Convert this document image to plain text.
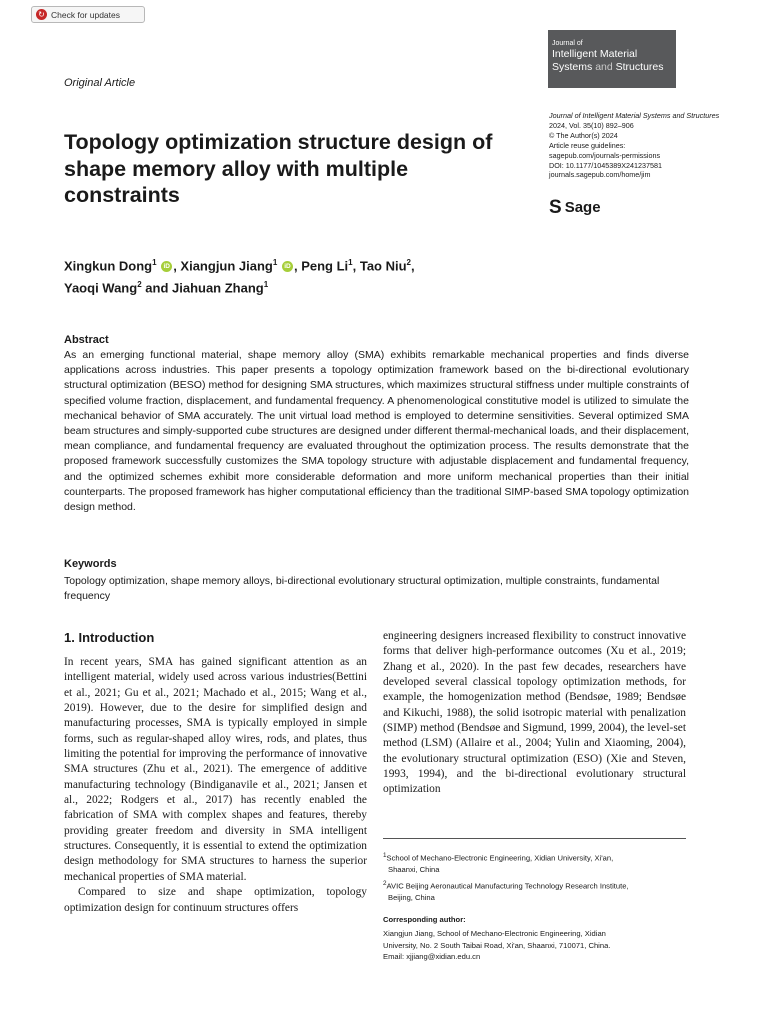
↻ Check for updates
Original Article
Journal of
Intelligent Material
Systems and Structures
Topology optimization structure design of shape memory alloy with multiple constraints
Journal of Intelligent Material Systems and Structures
2024, Vol. 35(10) 892–906
© The Author(s) 2024
Article reuse guidelines:
sagepub.com/journals-permissions
DOI: 10.1177/1045389X241237581
journals.sagepub.com/home/jim
S Sage
Xingkun Dong$^1$ iD , Xiangjun Jiang$^1$ iD , Peng Li$^1$, Tao Niu$^2$,
Yaoqi Wang$^2$ and Jiahuan Zhang$^1$
Abstract

As an emerging functional material, shape memory alloy (SMA) exhibits remarkable mechanical properties and finds diverse applications across industries. This paper presents a topology optimization framework based on the bi-directional evolutionary structural optimization (BESO) method for designing SMA structures, which maximizes structural stiffness under multiple constraints of specified volume fraction, displacement, and fundamental frequency. A phenomenological constitutive model is utilized to simulate the mechanical behavior of SMA accurately. The unit virtual load method is employed to determine sensitivities. Several optimized SMA beam structures and simply-supported cube structures are designed under different thermal-mechanical loads, and their displacement, mean compliance, and fundamental frequency are evaluated throughout the optimization process. The results demonstrate that the proposed framework successfully customizes the SMA topology structure with adjustable displacement and fundamental frequency, and the optimized schemes exhibit more considerable deformation and more uniform mechanical properties than their initial counterparts. The proposed framework has higher computational efficiency than the traditional SIMP-based SMA topology optimization design method.

Keywords

Topology optimization, shape memory alloys, bi-directional evolutionary structural optimization, multiple constraints, fundamental frequency

1. Introduction

In recent years, SMA has gained significant attention as an intelligent material, widely used across various industries(Bettini et al., 2021; Gu et al., 2021; Machado et al., 2015; Wang et al., 2019). However, due to the desire for simplified design and manufacturing processes, SMA is typically employed in simple forms, such as regular-shaped alloy wires, rods, and plates, thus limiting the potential for improving the performance of innovative SMA structures (Zhu et al., 2021). The emergence of additive manufacturing technology (Bindiganavile et al., 2021; Jansen et al., 2022; Rodgers et al., 2017) has recently enabled the fabrication of SMA with complex shapes and features, thereby providing greater freedom and diversity in SMA intelligent structures. Consequently, it is essential to extend the optimization design methodology for SMA structures to harness the superior mechanical properties of SMA material.

Compared to size and shape optimization, topology optimization design for continuum structures offers

engineering designers increased flexibility to construct innovative forms that deliver high-performance outcomes (Xu et al., 2019; Zhang et al., 2020). In the past few decades, researchers have developed several classical topology optimization methods, for example, the homogenization method (Bendsøe, 1989; Bendsøe and Kikuchi, 1988), the solid isotropic material with penalization (SIMP) method (Bendsøe and Sigmund, 1999, 2004), the level-set method (LSM) (Allaire et al., 2004; Yulin and Xiaoming, 2004), the evolutionary structural optimization (ESO) (Xie and Steven, 1993, 1994), and the bi-directional evolutionary structural optimization

$^1$School of Mechano-Electronic Engineering, Xidian University, Xi'an,
Shaanxi, China
$^2$AVIC Beijing Aeronautical Manufacturing Technology Research Institute,
Beijing, China
Corresponding author:
Xiangjun Jiang, School of Mechano-Electronic Engineering, Xidian
University, No. 2 South Taibai Road, Xi'an, Shaanxi, 710071, China.
Email: xjjiang@xidian.edu.cn
